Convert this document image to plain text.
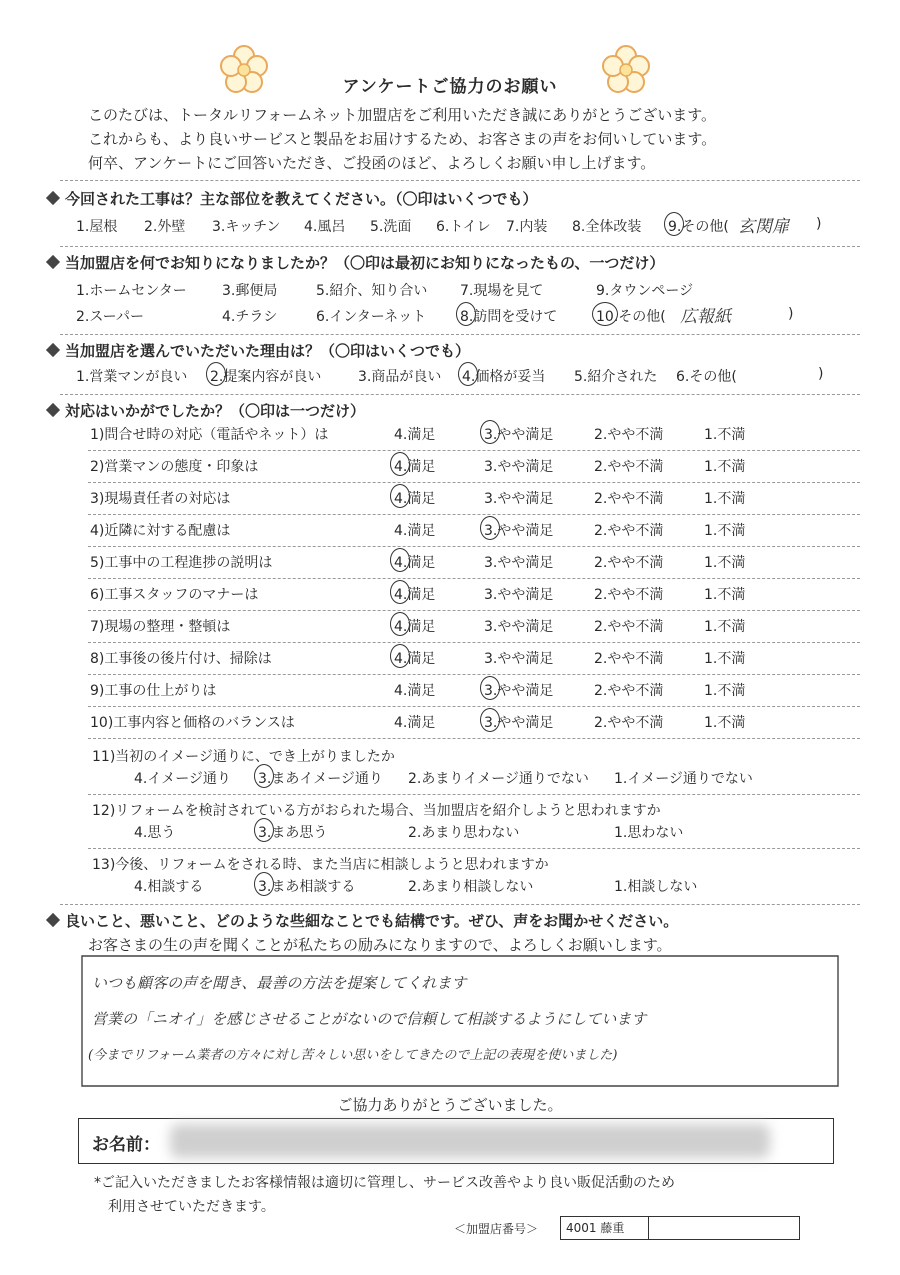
アンケートご協力のお願い
このたびは、トータルリフォームネット加盟店をご利用いただき誠にありがとうございます。
これからも、より良いサービスと製品をお届けするため、お客さまの声をお伺いしています。
何卒、アンケートにご回答いただき、ご投函のほど、よろしくお願い申し上げます。
今回された工事は？主な部位を教えてください。（〇印はいくつでも）
1.屋根 2.外壁 3.キッチン 4.風呂 5.洗面 6.トイレ 7.内装 8.全体改装 9.その他( 玄関扉 )
当加盟店を何でお知りになりましたか？（〇印は最初にお知りになったもの、一つだけ）
1.ホームセンター	3.郵便局	5.紹介、知り合い 7.現場を見て	9.タウンページ
2.スーパー	4.チラシ	6.インターネット 8.訪問を受けて	10.その他( 広報紙	)
当加盟店を選んでいただいた理由は？（〇印はいくつでも）
1.営業マンが良い 2.提案内容が良い	3.商品が良い 4.価格が妥当 5.紹介された 6.その他(	)
対応はいかがでしたか？（〇印は一つだけ）
1)問合せ時の対応（電話やネット）は	4.満足	3.やや満足	2.やや不満	1.不満
2)営業マンの態度・印象は	4.満足	3.やや満足	2.やや不満	1.不満
3)現場責任者の対応は	4.満足	3.やや満足	2.やや不満	1.不満
4)近隣に対する配慮は	4.満足	3.やや満足	2.やや不満	1.不満
5)工事中の工程進捗の説明は	4.満足	3.やや満足	2.やや不満	1.不満
6)工事スタッフのマナーは	4.満足	3.やや満足	2.やや不満	1.不満
7)現場の整理・整頓は	4.満足	3.やや満足	2.やや不満	1.不満
8)工事後の後片付け、掃除は	4.満足	3.やや満足	2.やや不満	1.不満
9)工事の仕上がりは	4.満足	3.やや満足	2.やや不満	1.不満
10)工事内容と価格のバランスは	4.満足	3.やや満足	2.やや不満	1.不満
11)当初のイメージ通りに、でき上がりましたか
4.イメージ通り 3.まあイメージ通り 2.あまりイメージ通りでない 1.イメージ通りでない
12)リフォームを検討されている方がおられた場合、当加盟店を紹介しようと思われますか
4.思う	3.まあ思う	2.あまり思わない	1.思わない
13)今後、リフォームをされる時、また当店に相談しようと思われますか
4.相談する	3.まあ相談する	2.あまり相談しない	1.相談しない
良いこと、悪いこと、どのような些細なことでも結構です。ぜひ、声をお聞かせください。
お客さまの生の声を聞くことが私たちの励みになりますので、よろしくお願いします。
いつも顧客の声を聞き、最善の方法を提案してくれます
営業の「ニオイ」を感じさせることがないので信頼して相談するようにしています
(今までリフォーム業者の方々に対し苦々しい思いをしてきたので上記の表現を使いました)
ご協力ありがとうございました。
お名前：
*ご記入いただきましたお客様情報は適切に管理し、サービス改善やより良い販促活動のため
利用させていただきます。
＜加盟店番号＞ 4001 藤重
